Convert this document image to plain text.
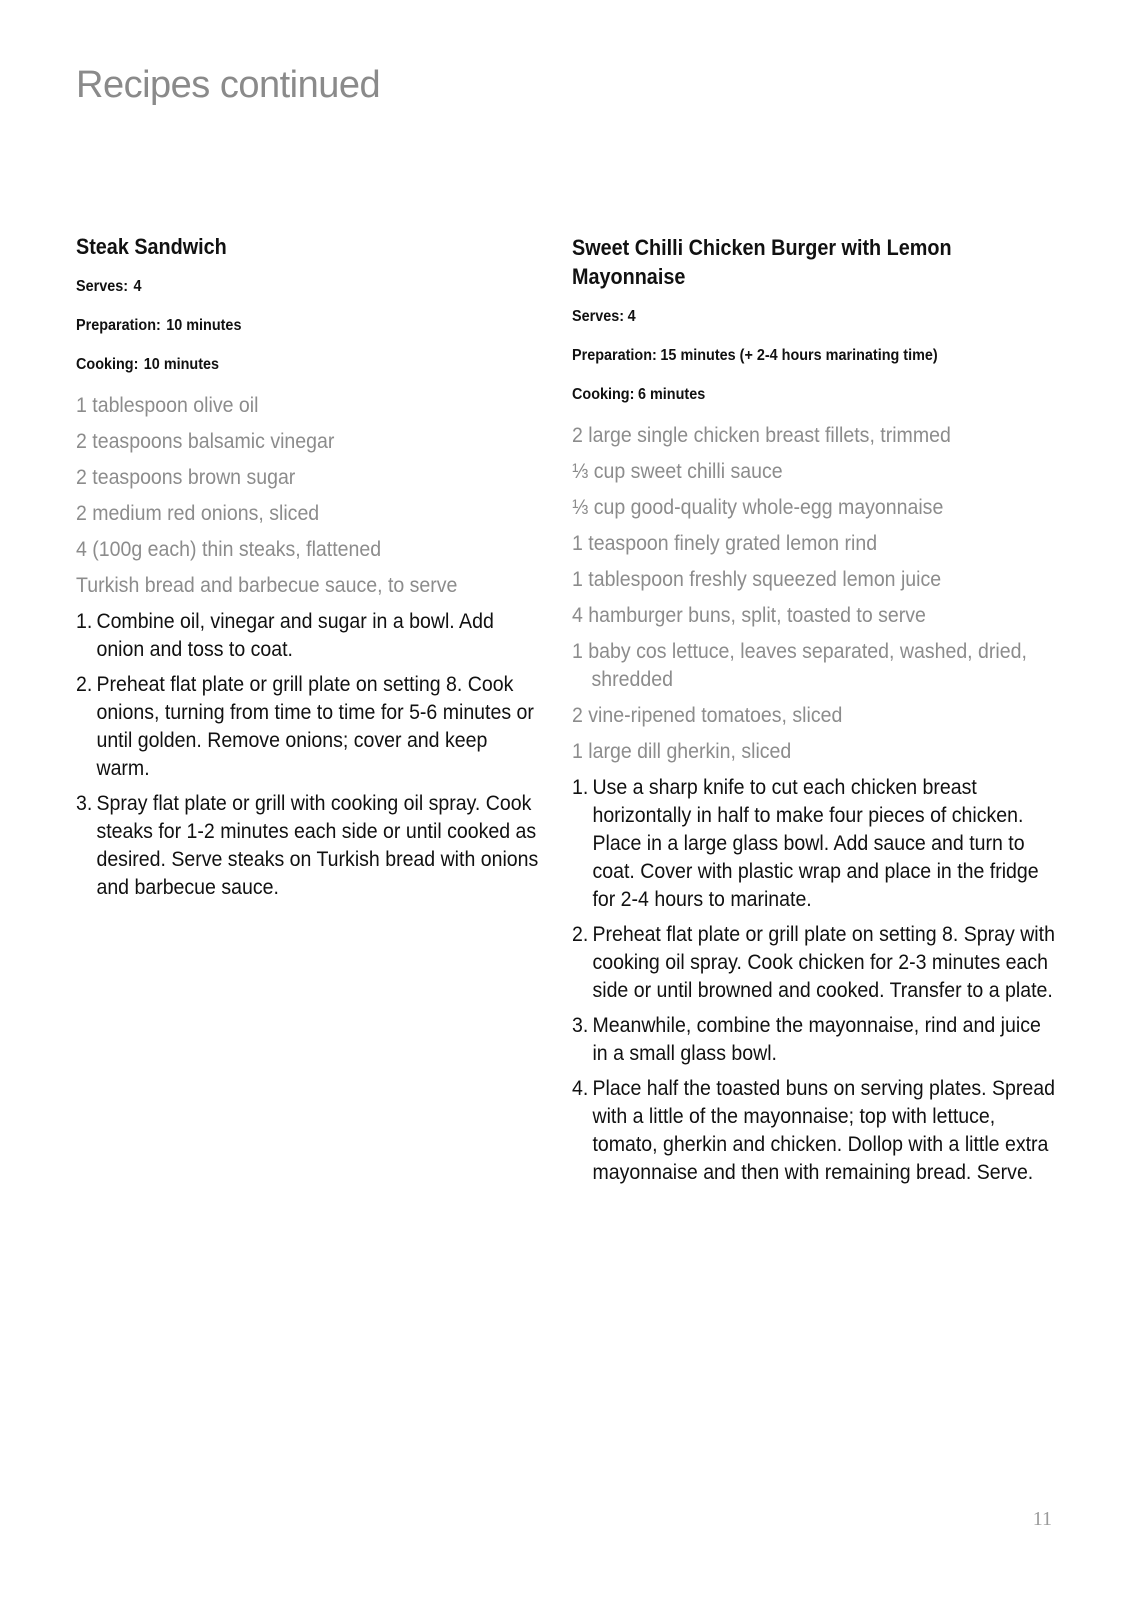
Recipes continued
Steak Sandwich

Serves: 4

Preparation: 10 minutes

Cooking: 10 minutes

1 tablespoon olive oil
2 teaspoons balsamic vinegar
2 teaspoons brown sugar
2 medium red onions, sliced
4 (100g each) thin steaks, flattened
Turkish bread and barbecue sauce, to serve
1. Combine oil, vinegar and sugar in a bowl. Add onion and toss to coat.
2. Preheat flat plate or grill plate on setting 8. Cook onions, turning from time to time for 5-6 minutes or until golden. Remove onions; cover and keep warm.
3. Spray flat plate or grill with cooking oil spray. Cook steaks for 1-2 minutes each side or until cooked as desired. Serve steaks on Turkish bread with onions and barbecue sauce.
Sweet Chilli Chicken Burger with Lemon Mayonnaise

Serves: 4

Preparation: 15 minutes (+ 2-4 hours marinating time)

Cooking: 6 minutes

2 large single chicken breast fillets, trimmed
⅓ cup sweet chilli sauce
⅓ cup good-quality whole-egg mayonnaise
1 teaspoon finely grated lemon rind
1 tablespoon freshly squeezed lemon juice
4 hamburger buns, split, toasted to serve
1 baby cos lettuce, leaves separated, washed, dried, shredded
2 vine-ripened tomatoes, sliced
1 large dill gherkin, sliced
1. Use a sharp knife to cut each chicken breast horizontally in half to make four pieces of chicken. Place in a large glass bowl. Add sauce and turn to coat. Cover with plastic wrap and place in the fridge for 2-4 hours to marinate.
2. Preheat flat plate or grill plate on setting 8. Spray with cooking oil spray. Cook chicken for 2-3 minutes each side or until browned and cooked. Transfer to a plate.
3. Meanwhile, combine the mayonnaise, rind and juice in a small glass bowl.
4. Place half the toasted buns on serving plates. Spread with a little of the mayonnaise; top with lettuce, tomato, gherkin and chicken. Dollop with a little extra mayonnaise and then with remaining bread. Serve.
11
